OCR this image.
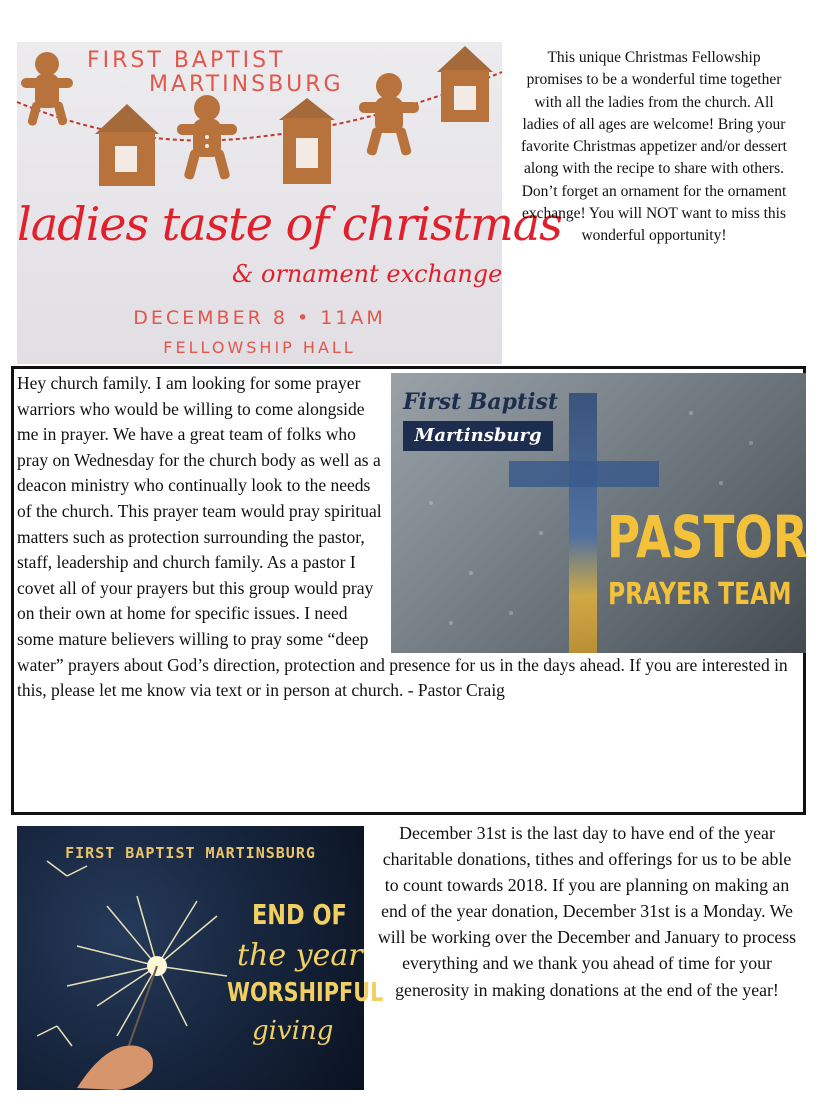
FIRST BAPTIST
MARTINSBURG
ladies taste of christmas
& ornament exchange
DECEMBER 8 • 11AM
FELLOWSHIP HALL
This unique Christmas Fellowship promises to be a wonderful time together with all the ladies from the church. All ladies of all ages are welcome! Bring your favorite Christmas appetizer and/or dessert along with the recipe to share with others. Don’t forget an ornament for the ornament exchange! You will NOT want to miss this wonderful opportunity!
First Baptist
Martinsburg
PASTOR
PRAYER TEAM
Hey church family. I am looking for some prayer warriors who would be willing to come alongside me in prayer. We have a great team of folks who pray on Wednesday for the church body as well as a deacon ministry who continually look to the needs of the church. This prayer team would pray spiritual matters such as protection surrounding the pastor, staff, leadership and church family. As a pastor I covet all of your prayers but this group would pray on their own at home for specific issues. I need some mature believers willing to pray some “deep water” prayers about God’s direction, protection and presence for us in the days ahead. If you are interested in this, please let me know via text or in person at church. - Pastor Craig
FIRST BAPTIST MARTINSBURG
END OF
the year
WORSHIPFUL
giving
December 31st is the last day to have end of the year charitable donations, tithes and offerings for us to be able to count towards 2018. If you are planning on making an end of the year donation, December 31st is a Monday. We will be working over the December and January to process everything and we thank you ahead of time for your generosity in making donations at the end of the year!
